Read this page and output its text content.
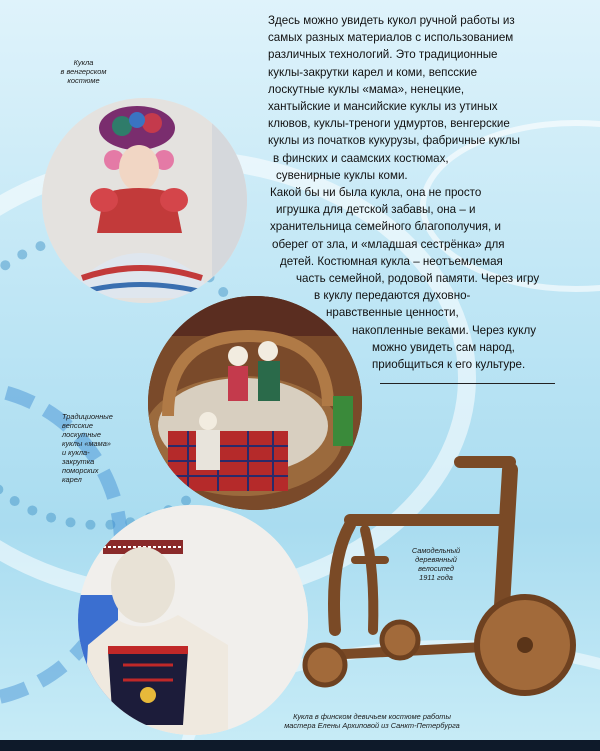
Кукла
в венгерском
костюме
Традиционные
вепсские
лоскутные
куклы «мама»
и кукла-
закрутка
поморских
карел
Самодельный
деревянный
велосипед
1911 года
Кукла в финском девичьем костюме работы
мастера Елены Архиповой из Санкт-Петербурга
Здесь можно увидеть кукол ручной работы из
самых разных материалов с использованием
различных технологий. Это традиционные
куклы-закрутки карел и коми, вепсские
лоскутные куклы «мама», ненецкие,
хантыйские и мансийские куклы из утиных
клювов, куклы-треноги удмуртов, венгерские
куклы из початков кукурузы, фабричные куклы
в финских и саамских костюмах,
сувенирные куклы коми.
Какой бы ни была кукла, она не просто
игрушка для детской забавы, она – и
хранительница семейного благополучия, и
оберег от зла, и «младшая сестрёнка» для
детей. Костюмная кукла – неотъемлемая
часть семейной, родовой памяти. Через игру
в куклу передаются духовно-
нравственные ценности,
накопленные веками. Через куклу
можно увидеть сам народ,
приобщиться к его культуре.
